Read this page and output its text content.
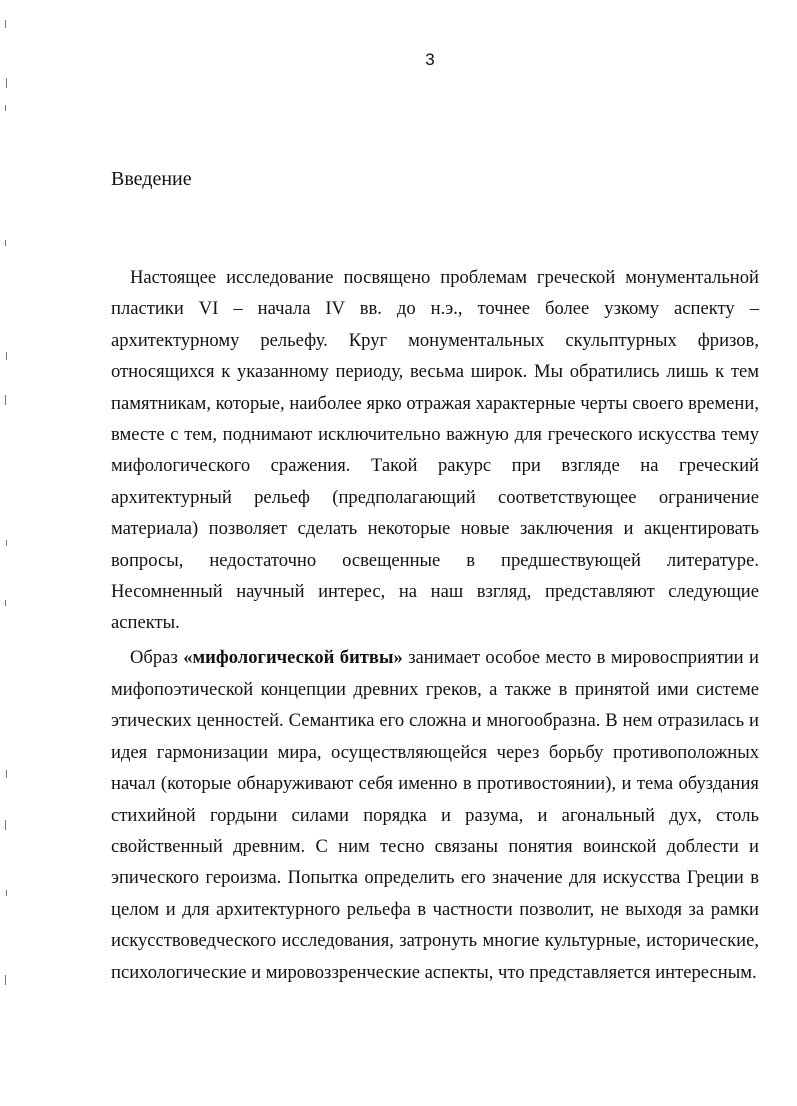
3
Введение

Настоящее исследование посвящено проблемам греческой монументальной пластики VI – начала IV вв. до н.э., точнее более узкому аспекту – архитектурному рельефу. Круг монументальных скульптурных фризов, относящихся к указанному периоду, весьма широк. Мы обратились лишь к тем памятникам, которые, наиболее ярко отражая характерные черты своего времени, вместе с тем, поднимают исключительно важную для греческого искусства тему мифологического сражения. Такой ракурс при взгляде на греческий архитектурный рельеф (предполагающий соответствующее ограничение материала) позволяет сделать некоторые новые заключения и акцентировать вопросы, недостаточно освещенные в предшествующей литературе. Несомненный научный интерес, на наш взгляд, представляют следующие аспекты.

Образ «мифологической битвы» занимает особое место в мировосприятии и мифопоэтической концепции древних греков, а также в принятой ими системе этических ценностей. Семантика его сложна и многообразна. В нем отразилась и идея гармонизации мира, осуществляющейся через борьбу противоположных начал (которые обнаруживают себя именно в противостоянии), и тема обуздания стихийной гордыни силами порядка и разума, и агональный дух, столь свойственный древним. С ним тесно связаны понятия воинской доблести и эпического героизма. Попытка определить его значение для искусства Греции в целом и для архитектурного рельефа в частности позволит, не выходя за рамки искусствоведческого исследования, затронуть многие культурные, исторические, психологические и мировоззренческие аспекты, что представляется интересным.
